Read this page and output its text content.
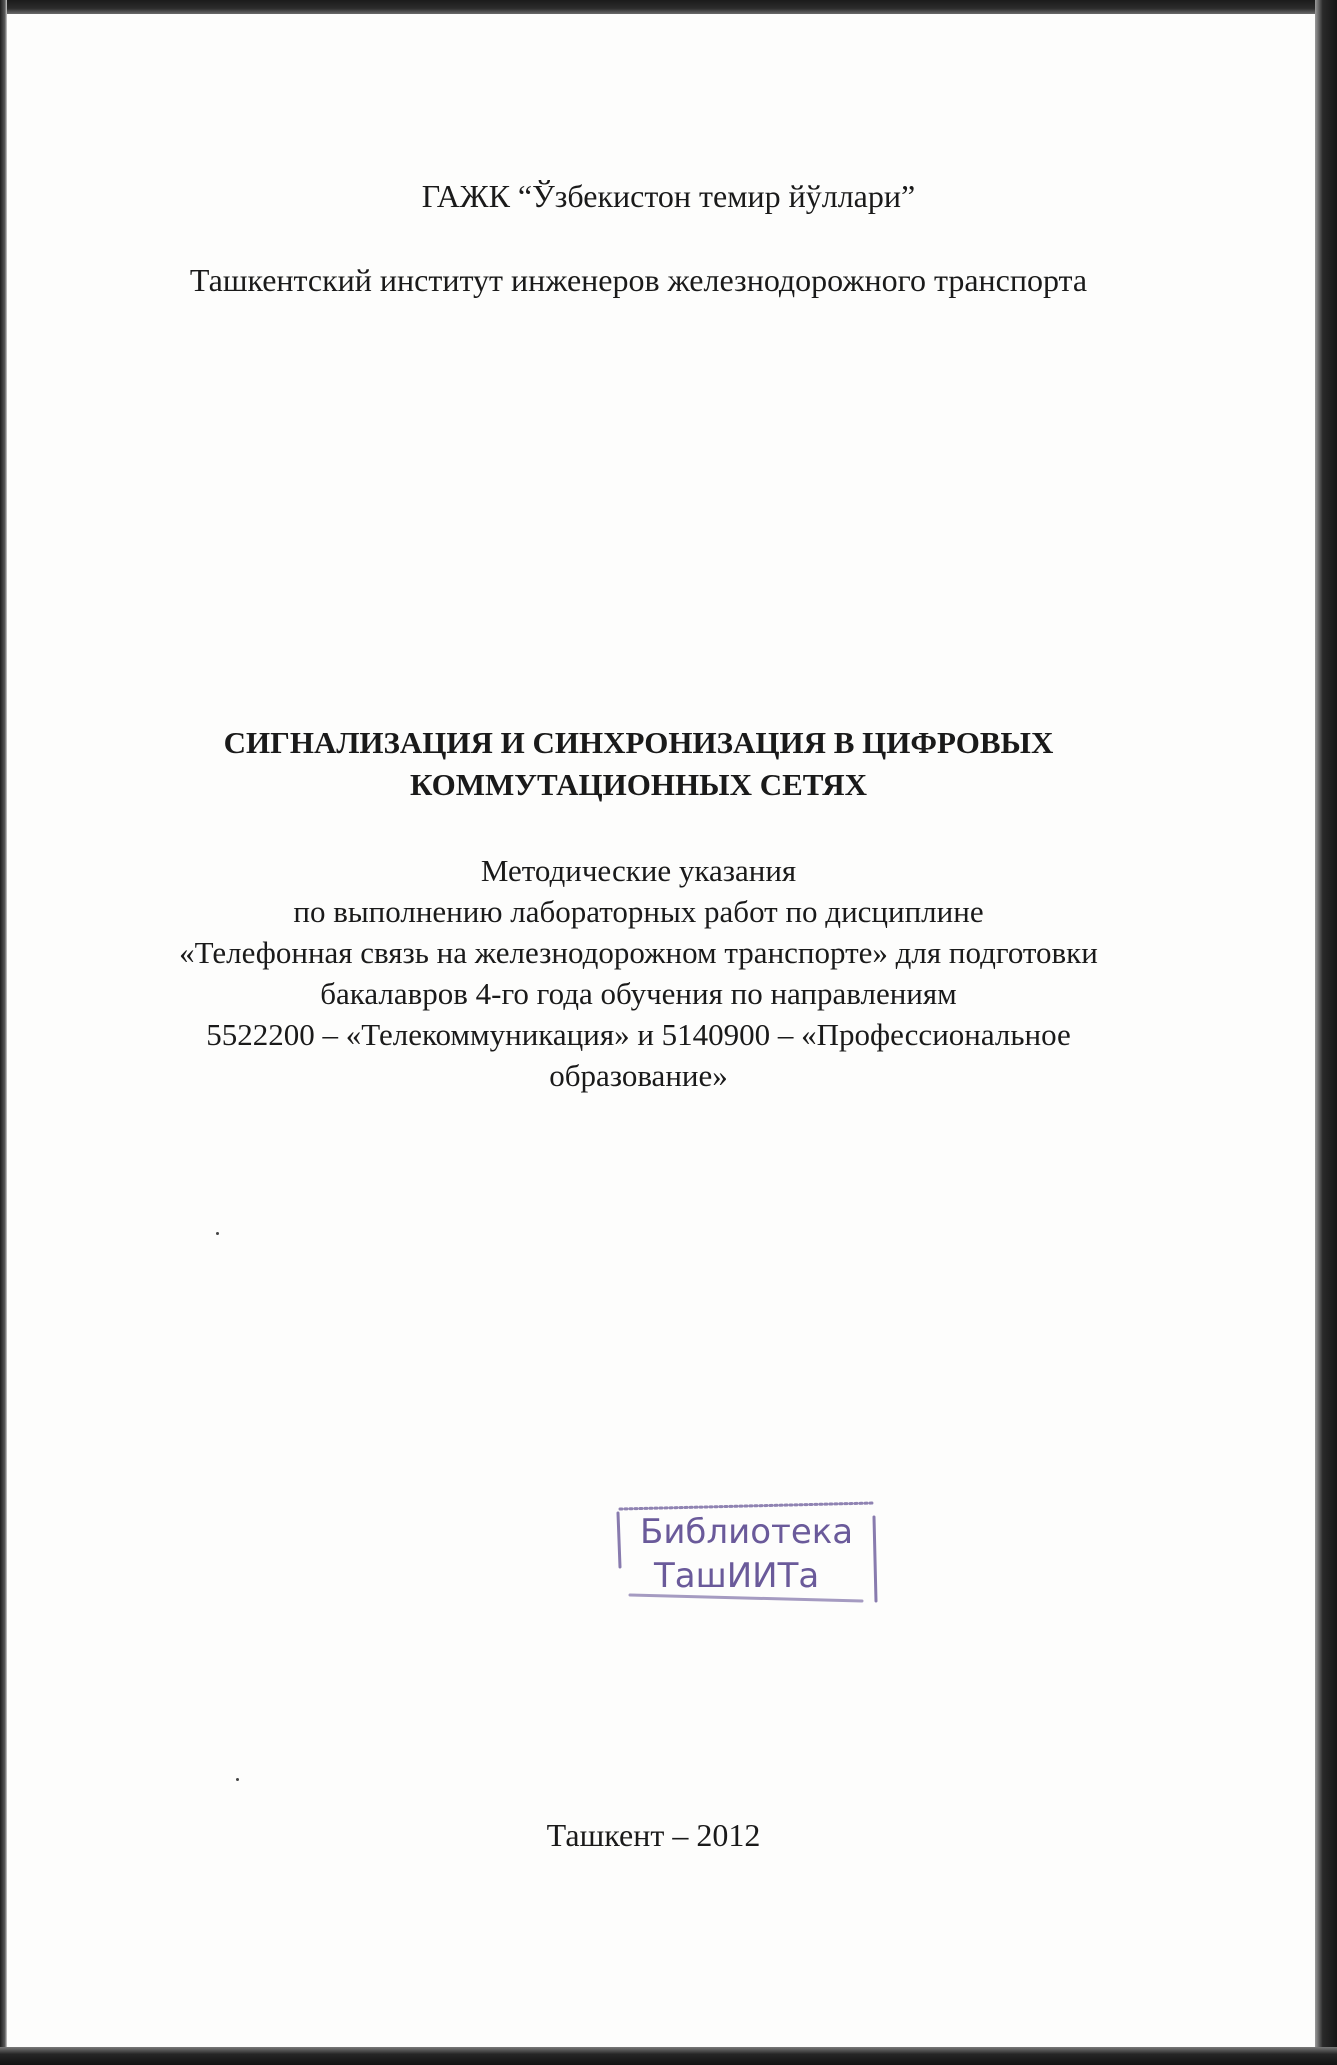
ГАЖК “Ўзбекистон темир йўллари”

Ташкентский институт инженеров железнодорожного транспорта

СИГНАЛИЗАЦИЯ И СИНХРОНИЗАЦИЯ В ЦИФРОВЫХ
КОММУТАЦИОННЫХ СЕТЯХ
Методические указания
по выполнению лабораторных работ по дисциплине
«Телефонная связь на железнодорожном транспорте» для подготовки
бакалавров 4-го года обучения по направлениям
5522200 – «Телекоммуникация» и 5140900 – «Профессиональное
образование»
Библиотека
ТашИИТа

Ташкент – 2012
